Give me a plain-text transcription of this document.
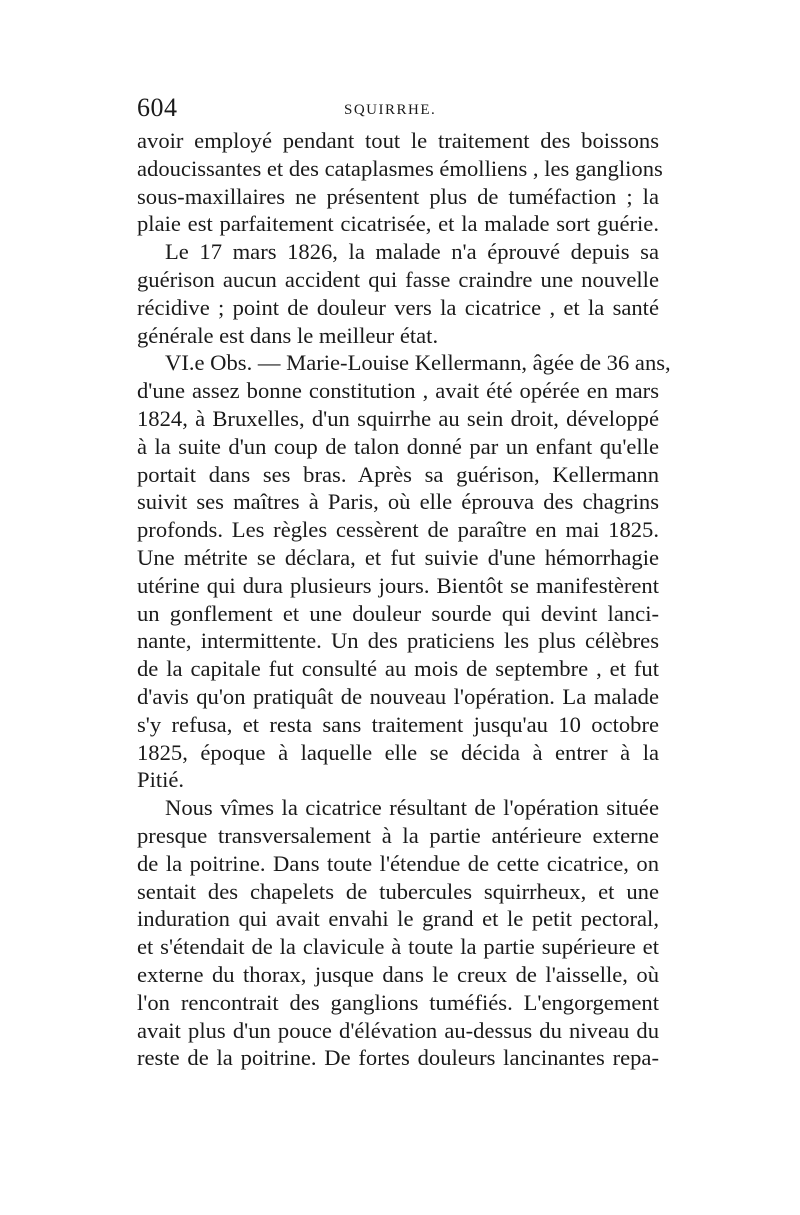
604	SQUIRRHE.
avoir employé pendant tout le traitement des boissons
adoucissantes et des cataplasmes émolliens , les ganglions
sous-maxillaires ne présentent plus de tuméfaction ; la
plaie est parfaitement cicatrisée, et la malade sort guérie.
Le 17 mars 1826, la malade n'a éprouvé depuis sa
guérison aucun accident qui fasse craindre une nouvelle
récidive ; point de douleur vers la cicatrice , et la santé
générale est dans le meilleur état.
VI.e Obs. — Marie-Louise Kellermann, âgée de 36 ans,
d'une assez bonne constitution , avait été opérée en mars
1824, à Bruxelles, d'un squirrhe au sein droit, développé
à la suite d'un coup de talon donné par un enfant qu'elle
portait dans ses bras. Après sa guérison, Kellermann
suivit ses maîtres à Paris, où elle éprouva des chagrins
profonds. Les règles cessèrent de paraître en mai 1825.
Une métrite se déclara, et fut suivie d'une hémorrhagie
utérine qui dura plusieurs jours. Bientôt se manifestèrent
un gonflement et une douleur sourde qui devint lanci-
nante, intermittente. Un des praticiens les plus célèbres
de la capitale fut consulté au mois de septembre , et fut
d'avis qu'on pratiquât de nouveau l'opération. La malade
s'y refusa, et resta sans traitement jusqu'au 10 octobre
1825, époque à laquelle elle se décida à entrer à la
Pitié.
Nous vîmes la cicatrice résultant de l'opération située
presque transversalement à la partie antérieure externe
de la poitrine. Dans toute l'étendue de cette cicatrice, on
sentait des chapelets de tubercules squirrheux, et une
induration qui avait envahi le grand et le petit pectoral,
et s'étendait de la clavicule à toute la partie supérieure et
externe du thorax, jusque dans le creux de l'aisselle, où
l'on rencontrait des ganglions tuméfiés. L'engorgement
avait plus d'un pouce d'élévation au-dessus du niveau du
reste de la poitrine. De fortes douleurs lancinantes repa-
